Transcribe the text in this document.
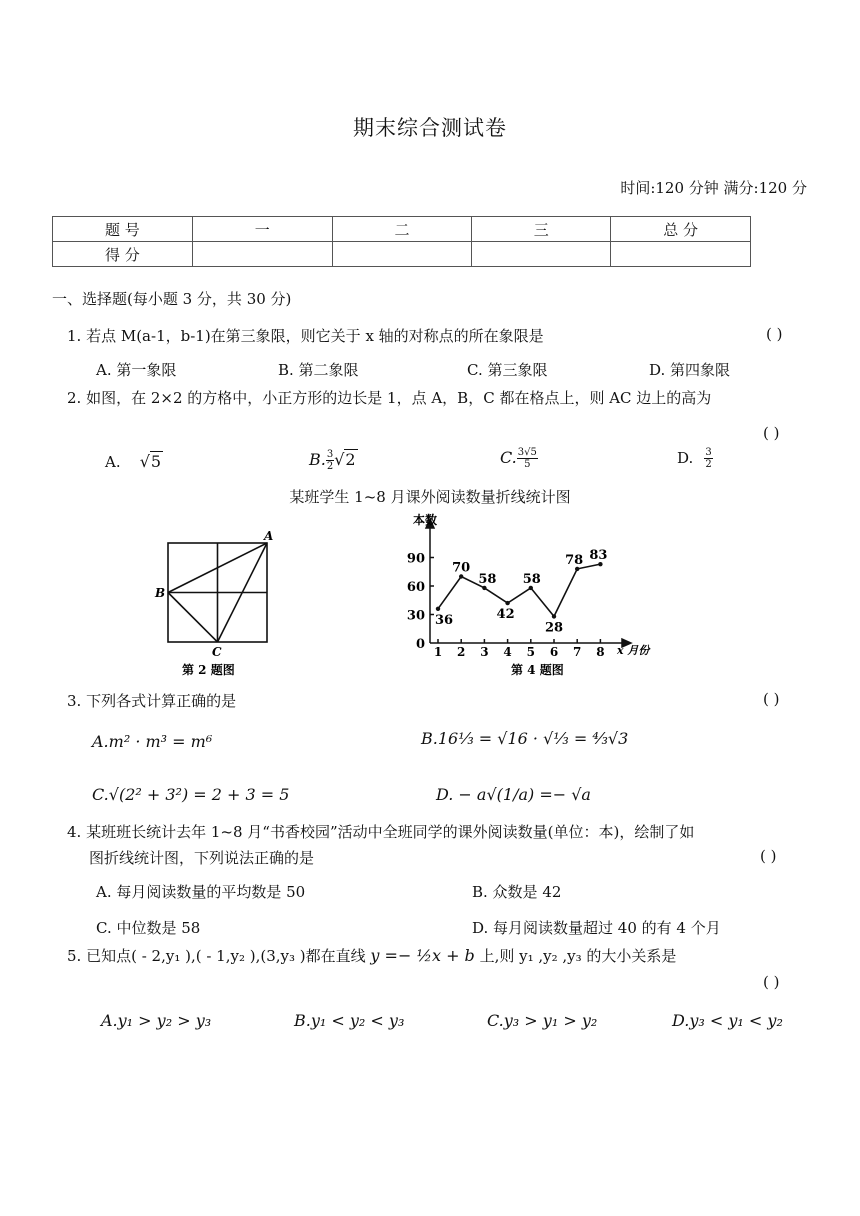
期末综合测试卷
时间:120 分钟 满分:120 分
题 号	一	二	三	总 分
得 分				
一、选择题(每小题 3 分，共 30 分)
1. 若点 M(a-1，b-1)在第三象限，则它关于 x 轴的对称点的所在象限是	( )
A. 第一象限	B. 第二象限	C. 第三象限	D. 第四象限
2. 如图，在 2×2 的方格中，小正方形的边长是 1，点 A，B，C 都在格点上，则 AC 边上的高为
( )
A. √5	B. $\frac{3}{2} √2$	C. $\frac{3√5}{5}$	D. $\frac{3}{2}$
某班学生 1~8 月课外阅读数量折线统计图
A
B
C
第 2 题图
本数
x 月份
0
30
60
90
1 2 3 4 5 6 7 8
36
70
58
42
58
28
78 83
第 4 题图
3. 下列各式计算正确的是	( )
A.m² · m³ = m⁶	B.16⅓ = √16 · √⅓ = ⁴⁄₃√3
C.√(2² + 3²) = 2 + 3 = 5	D. − a√(1/a) =− √a
4. 某班班长统计去年 1~8 月“书香校园”活动中全班同学的课外阅读数量(单位：本)，绘制了如
图折线统计图，下列说法正确的是	( )
A. 每月阅读数量的平均数是 50	B. 众数是 42
C. 中位数是 58	D. 每月阅读数量超过 40 的有 4 个月
5. 已知点( - 2,y₁ ),( - 1,y₂ ),(3,y₃ )都在直线 y =− ½x + b 上,则 y₁ ,y₂ ,y₃ 的大小关系是
( )
A.y₁ > y₂ > y₃	B.y₁ < y₂ < y₃	C.y₃ > y₁ > y₂	D.y₃ < y₁ < y₂
